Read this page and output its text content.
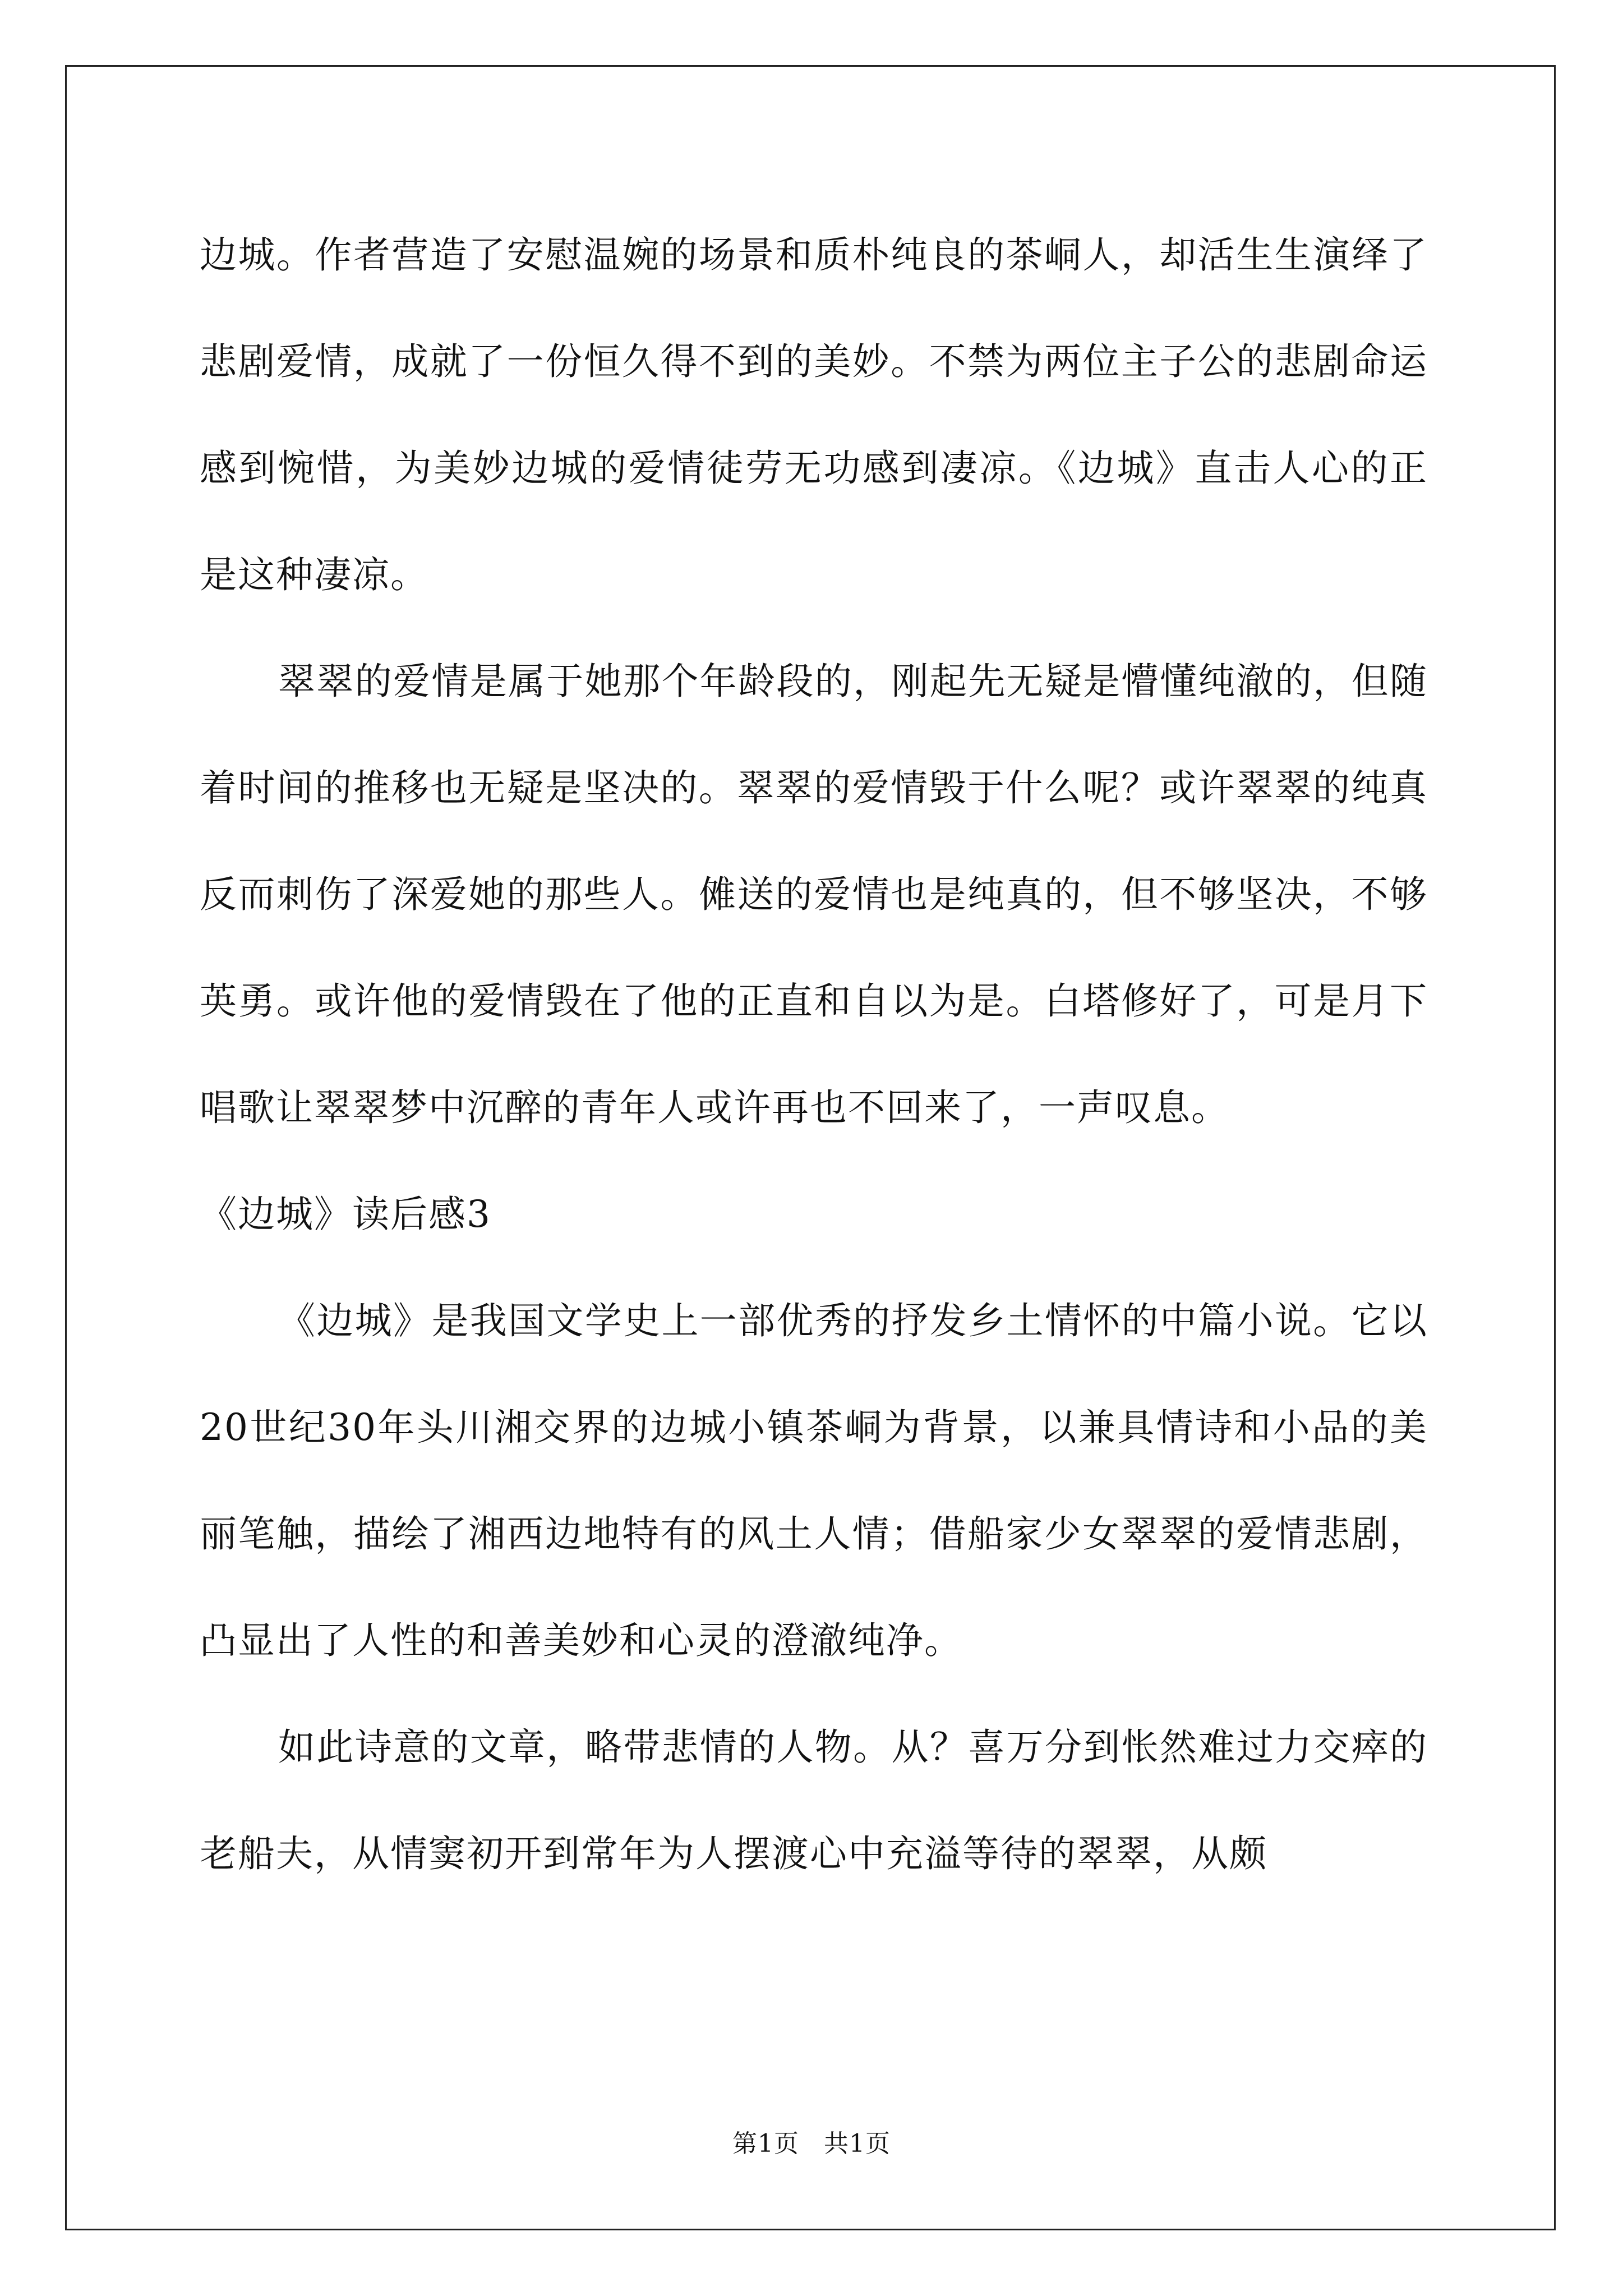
边城。作者营造了安慰温婉的场景和质朴纯良的茶峒人，却活生生演绎了悲剧爱情，成就了一份恒久得不到的美妙。不禁为两位主子公的悲剧命运感到惋惜，为美妙边城的爱情徒劳无功感到凄凉。《边城》直击人心的正是这种凄凉。

翠翠的爱情是属于她那个年龄段的，刚起先无疑是懵懂纯澈的，但随着时间的推移也无疑是坚决的。翠翠的爱情毁于什么呢？或许翠翠的纯真反而刺伤了深爱她的那些人。傩送的爱情也是纯真的，但不够坚决，不够英勇。或许他的爱情毁在了他的正直和自以为是。白塔修好了，可是月下唱歌让翠翠梦中沉醉的青年人或许再也不回来了，一声叹息。

《边城》读后感3

《边城》是我国文学史上一部优秀的抒发乡土情怀的中篇小说。它以20世纪30年头川湘交界的边城小镇茶峒为背景，以兼具情诗和小品的美丽笔触，描绘了湘西边地特有的风土人情；借船家少女翠翠的爱情悲剧，凸显出了人性的和善美妙和心灵的澄澈纯净。

如此诗意的文章，略带悲情的人物。从？喜万分到怅然难过力交瘁的老船夫，从情窦初开到常年为人摆渡心中充溢等待的翠翠，从颇

第1页 共1页
